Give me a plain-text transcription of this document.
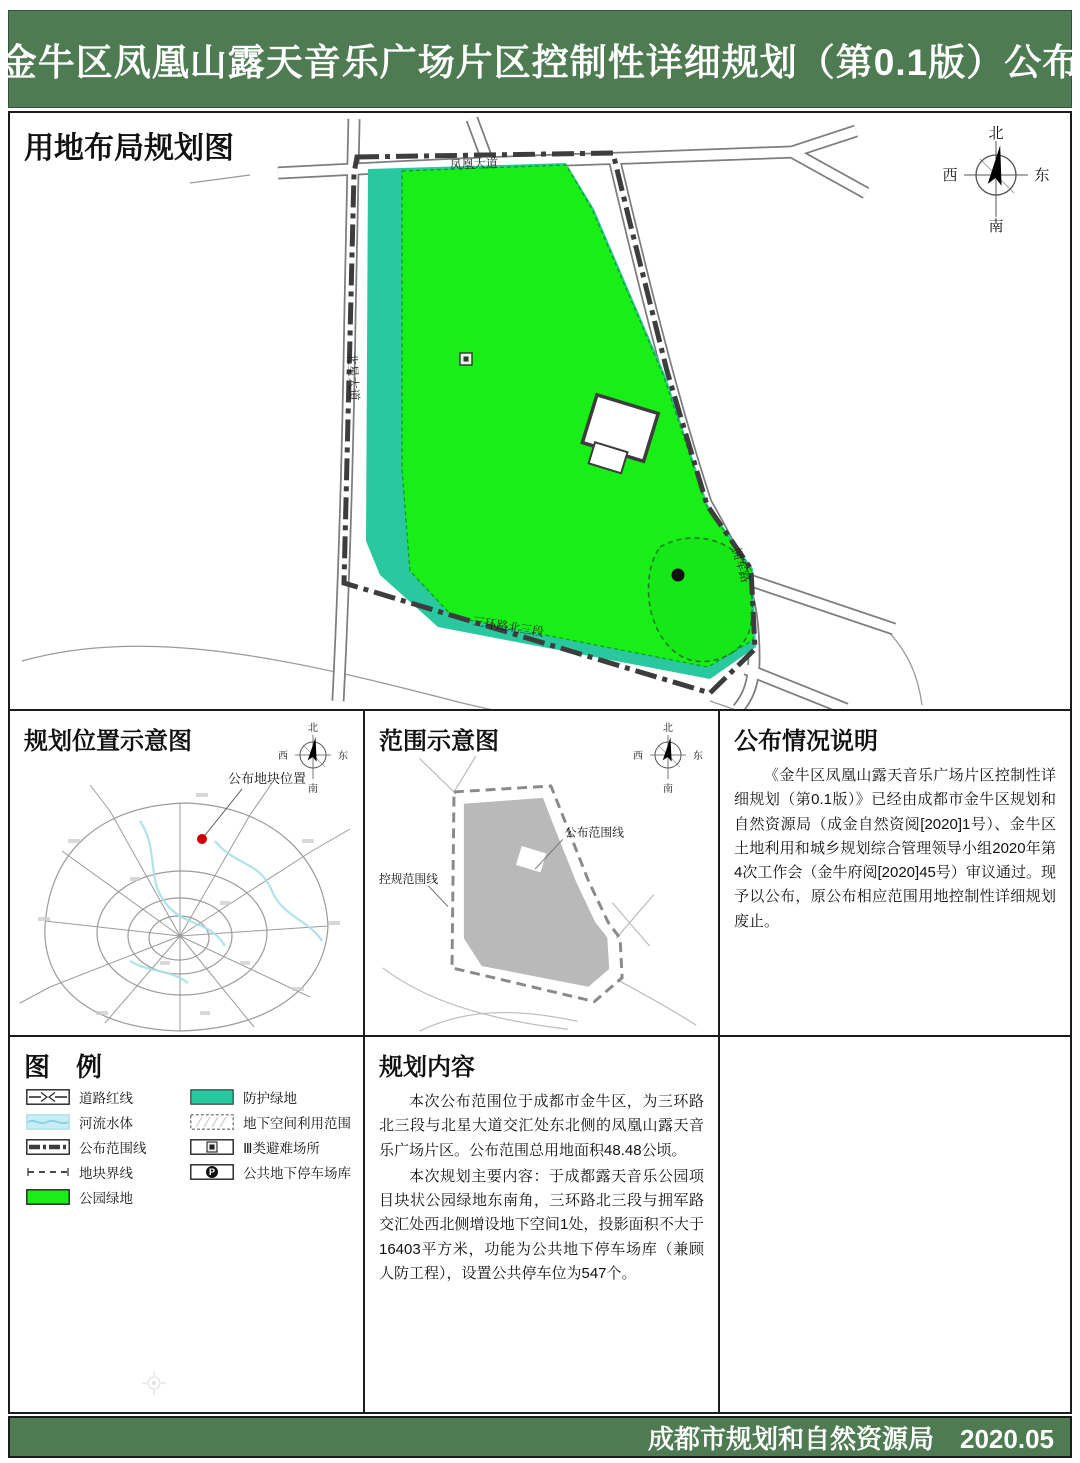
金牛区凤凰山露天音乐广场片区控制性详细规划（第0.1版）公布
凤凰大道
北星大道
三环路北三段
拥军路
用地布局规划图	北
南
西	东
公布地块位置
规划位置示意图	北
南
西	东
控规范围线
公布范围线
范围示意图	北
南
西	东
公布情况说明

《金牛区凤凰山露天音乐广场片区控制性详细规划（第0.1版）》已经由成都市金牛区规划和自然资源局（成金自然资阅[2020]1号）、金牛区土地利用和城乡规划综合管理领导小组2020年第4次工作会（金牛府阅[2020]45号）审议通过。现予以公布，原公布相应范围用地控制性详细规划废止。

图　例
道路红线
河流水体
公布范围线
地块界线
公园绿地
防护绿地
地下空间利用范围
Ⅲ类避难场所
P 公共地下停车场库
规划内容

本次公布范围位于成都市金牛区，为三环路北三段与北星大道交汇处东北侧的凤凰山露天音乐广场片区。公布范围总用地面积48.48公顷。

本次规划主要内容：于成都露天音乐公园项目块状公园绿地东南角，三环路北三段与拥军路交汇处西北侧增设地下空间1处，投影面积不大于16403平方米，功能为公共地下停车场库（兼顾人防工程），设置公共停车位为547个。

成都市规划和自然资源局　2020.05
